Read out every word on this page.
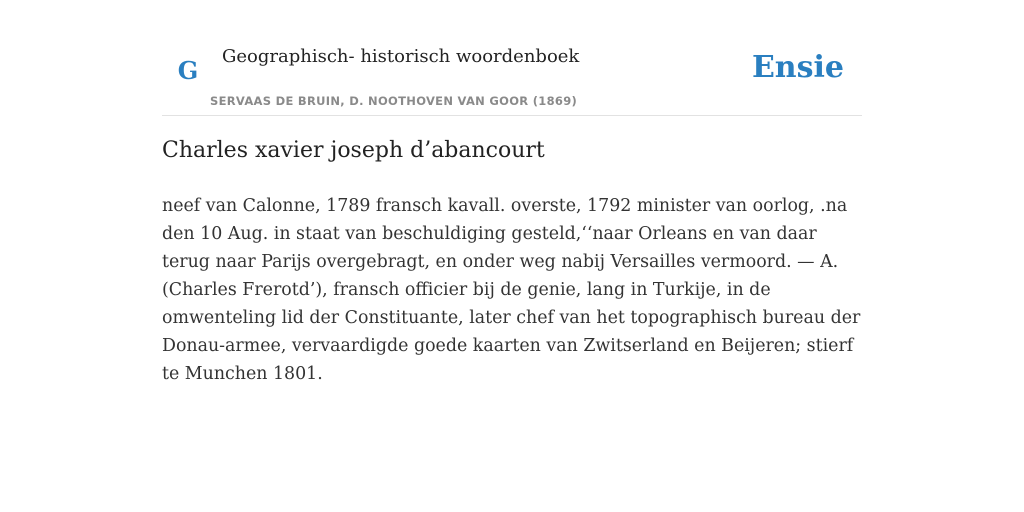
G Geographisch- historisch woordenboek
SERVAAS DE BRUIN, D. NOOTHOVEN VAN GOOR (1869)
Ensie
Charles xavier joseph d’abancourt

neef van Calonne, 1789 fransch kavall. overste, 1792 minister van oorlog, .na den 10 Aug. in staat van beschuldiging gesteld,‘‘naar Orleans en van daar terug naar Parijs overgebragt, en onder weg nabij Versailles vermoord. — A. (Charles Frerotd’), fransch officier bij de genie, lang in Turkije, in de omwenteling lid der Constituante, later chef van het topographisch bureau der Donau-armee, vervaardigde goede kaarten van Zwitserland en Beijeren; stierf te Munchen 1801.
